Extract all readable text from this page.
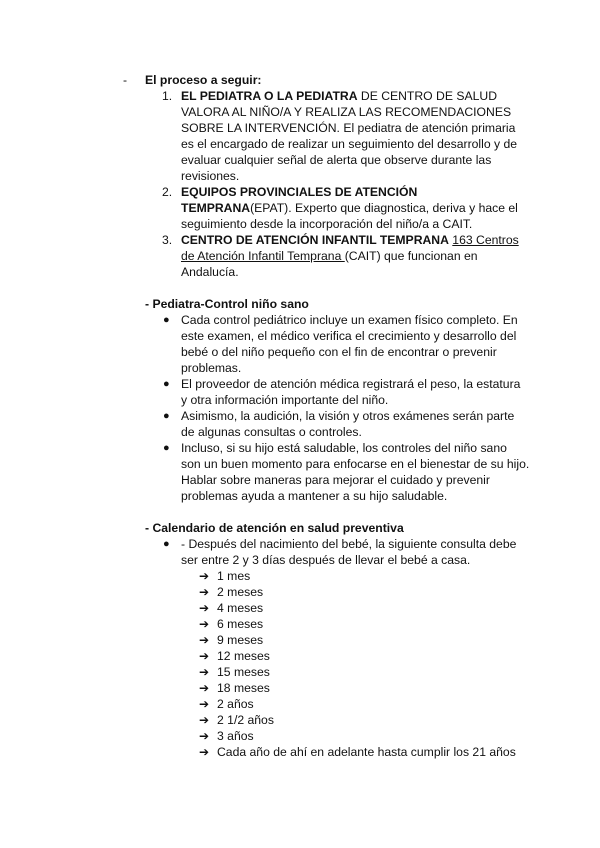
- El proceso a seguir:
1. EL PEDIATRA O LA PEDIATRA DE CENTRO DE SALUD
VALORA AL NIÑO/A Y REALIZA LAS RECOMENDACIONES
SOBRE LA INTERVENCIÓN. El pediatra de atención primaria
es el encargado de realizar un seguimiento del desarrollo y de
evaluar cualquier señal de alerta que observe durante las
revisiones.
2. EQUIPOS PROVINCIALES DE ATENCIÓN
TEMPRANA(EPAT). Experto que diagnostica, deriva y hace el
seguimiento desde la incorporación del niño/a a CAIT.
3. CENTRO DE ATENCIÓN INFANTIL TEMPRANA 163 Centros
de Atención Infantil Temprana (CAIT) que funcionan en
Andalucía.
- Pediatra-Control niño sano
● Cada control pediátrico incluye un examen físico completo. En
este examen, el médico verifica el crecimiento y desarrollo del
bebé o del niño pequeño con el fin de encontrar o prevenir
problemas.
● El proveedor de atención médica registrará el peso, la estatura
y otra información importante del niño.
● Asimismo, la audición, la visión y otros exámenes serán parte
de algunas consultas o controles.
● Incluso, si su hijo está saludable, los controles del niño sano
son un buen momento para enfocarse en el bienestar de su hijo.
Hablar sobre maneras para mejorar el cuidado y prevenir
problemas ayuda a mantener a su hijo saludable.
- Calendario de atención en salud preventiva
● - Después del nacimiento del bebé, la siguiente consulta debe
ser entre 2 y 3 días después de llevar el bebé a casa.
➔ 1 mes
➔ 2 meses
➔ 4 meses
➔ 6 meses
➔ 9 meses
➔ 12 meses
➔ 15 meses
➔ 18 meses
➔ 2 años
➔ 2 1/2 años
➔ 3 años
➔ Cada año de ahí en adelante hasta cumplir los 21 años
